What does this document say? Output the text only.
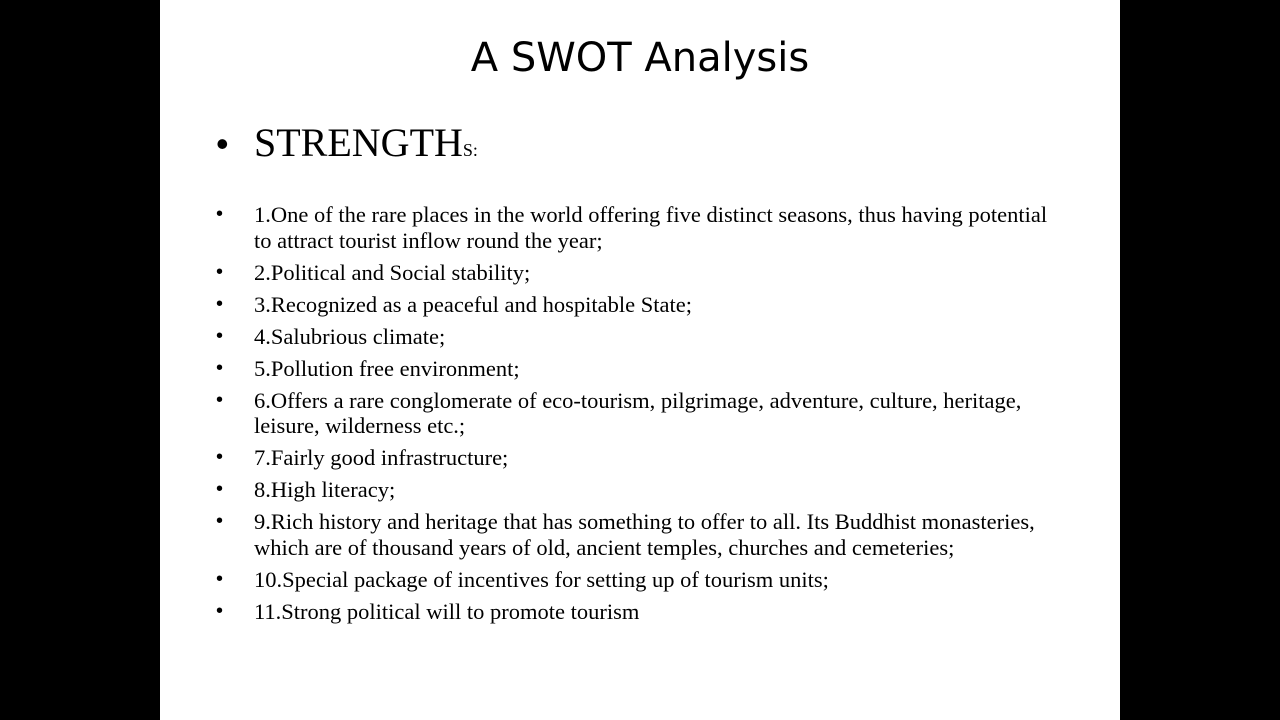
A SWOT Analysis
• STRENGTH S:
•	1.One of the rare places in the world offering five distinct seasons, thus having potential to attract tourist inflow round the year;
•	2.Political and Social stability;
•	3.Recognized as a peaceful and hospitable State;
•	4.Salubrious climate;
•	5.Pollution free environment;
•	6.Offers a rare conglomerate of eco-tourism, pilgrimage, adventure, culture, heritage, leisure, wilderness etc.;
•	7.Fairly good infrastructure;
•	8.High literacy;
•	9.Rich history and heritage that has something to offer to all. Its Buddhist monasteries, which are of thousand years of old, ancient temples, churches and cemeteries;
•	10.Special package of incentives for setting up of tourism units;
•	11.Strong political will to promote tourism
